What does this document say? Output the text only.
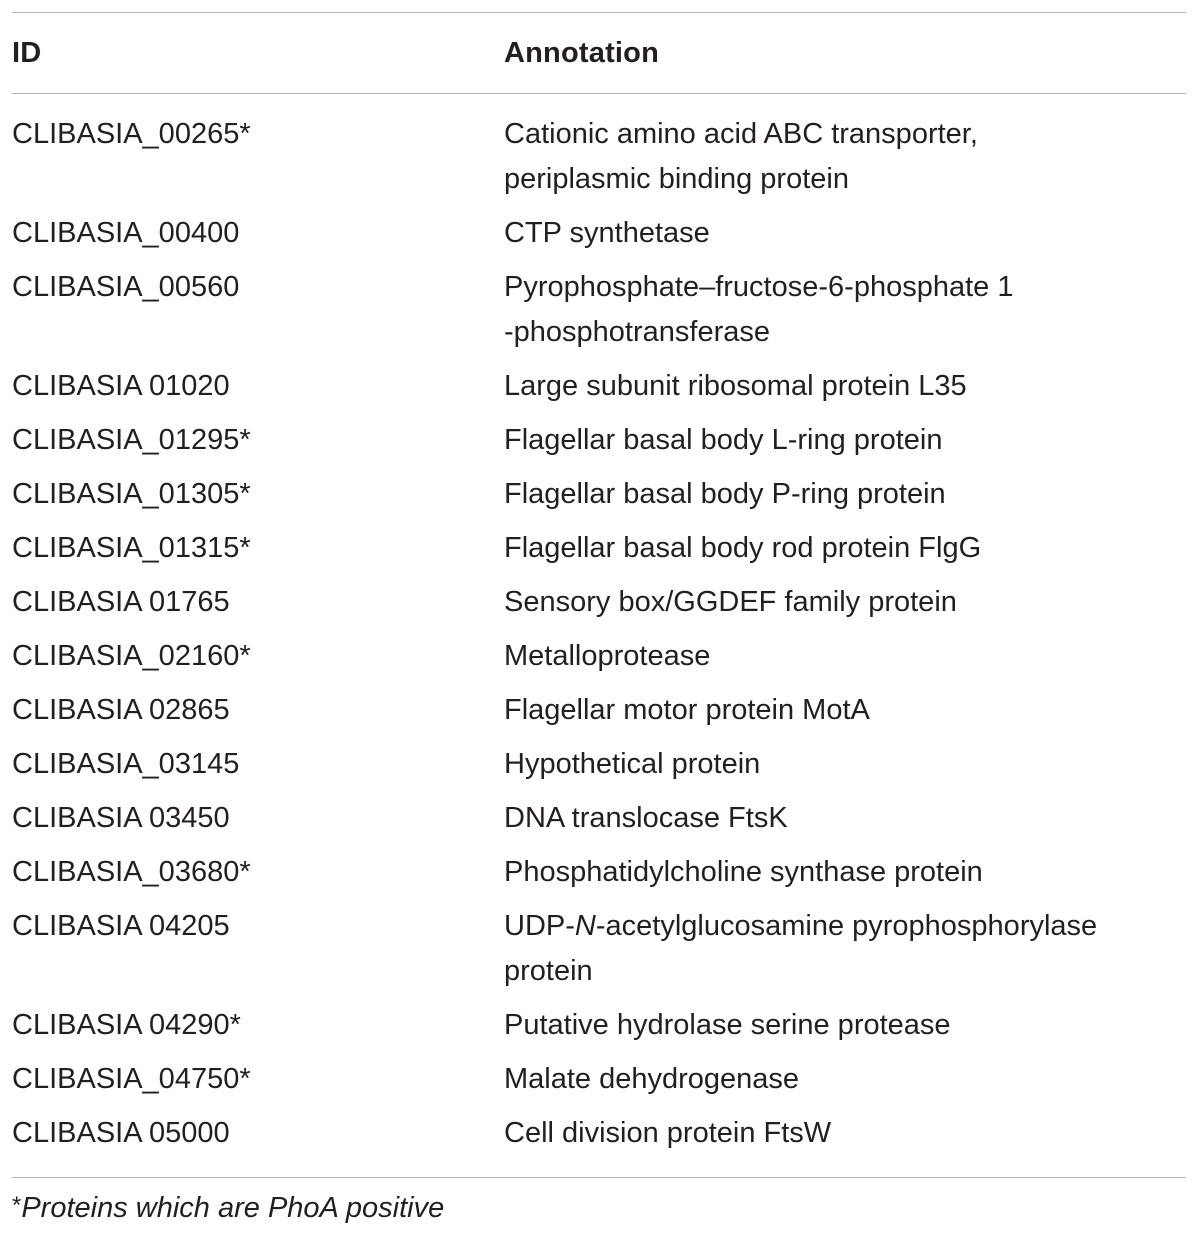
ID	Annotation
CLIBASIA_00265*	Cationic amino acid ABC transporter,
periplasmic binding protein
CLIBASIA_00400	CTP synthetase
CLIBASIA_00560	Pyrophosphate–fructose-6-phosphate 1
-phosphotransferase
CLIBASIA 01020	Large subunit ribosomal protein L35
CLIBASIA_01295*	Flagellar basal body L-ring protein
CLIBASIA_01305*	Flagellar basal body P-ring protein
CLIBASIA_01315*	Flagellar basal body rod protein FlgG
CLIBASIA 01765	Sensory box/GGDEF family protein
CLIBASIA_02160*	Metalloprotease
CLIBASIA 02865	Flagellar motor protein MotA
CLIBASIA_03145	Hypothetical protein
CLIBASIA 03450	DNA translocase FtsK
CLIBASIA_03680*	Phosphatidylcholine synthase protein
CLIBASIA 04205	UDP-N-acetylglucosamine pyrophosphorylase
protein
CLIBASIA 04290*	Putative hydrolase serine protease
CLIBASIA_04750*	Malate dehydrogenase
CLIBASIA 05000	Cell division protein FtsW
*Proteins which are PhoA positive
